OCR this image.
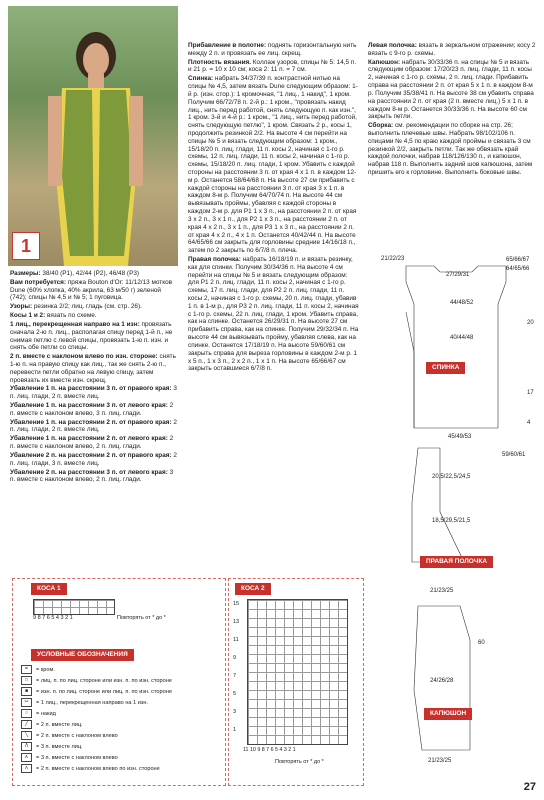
1

Размеры: 38/40 (Р1), 42/44 (Р2), 46/48 (Р3)

Вам потребуется: пряжа Bouton d'Or: 11/12/13 мотков Dune (60% хлопка, 40% акрила, 63 м/50 г) зеленой (742); спицы № 4,5 и № 5; 1 пуговица.

Узоры: резинка 2/2; лиц. гладь (см. стр. 26).

Косы 1 и 2: вязать по схеме.

1 лиц., перекрещенная направо на 1 изн: провязать сначала 2-ю п. лиц., располагая спицу перед 1-й п., не снимая петлю с левой спицы, провязать 1-ю п. изн. и снять обе петли со спицы.

2 п. вместе с наклоном влево по изн. стороне: снять 1-ю п. на правую спицу как лиц., так же снять 2-ю п., перевести петли обратно на левую спицу, затем провязать их вместе изн. скрещ.

Убавление 1 п. на расстоянии 3 п. от правого края: 3 п. лиц. глади, 2 п. вместе лиц.

Убавление 1 п. на расстоянии 3 п. от левого края: 2 п. вместе с наклоном влево, 3 п. лиц. глади.

Убавление 1 п. на расстоянии 2 п. от правого края: 2 п. лиц. глади, 2 п. вместе лиц.

Убавление 1 п. на расстоянии 2 п. от левого края: 2 п. вместе с наклоном влево, 2 п. лиц. глади.

Убавление 2 п. на расстоянии 2 п. от правого края: 2 п. лиц. глади, 3 п. вместе лиц.

Убавление 2 п. на расстоянии 3 п. от левого края: 3 п. вместе с наклоном влево, 2 п. лиц. глади.

Прибавление в полотне: поднять горизонтальную нить между 2 п. и провязать ее лиц. скрещ.

Плотность вязания. Коллаж узоров, спицы № 5: 14,5 п. и 21 р. = 10 х 10 см; коса 2: 11 п. = 7 см.

Спинка: набрать 34/37/39 п. контрастной нитью на спицы № 4,5, затем вязать Dune следующим образом: 1-й р. (изн. стор.): 1 кромочная, "1 лиц., 1 накид", 1 кром. Получим 66/72/78 п. 2-й р.: 1 кром., "провязать накид лиц., нить перед работой, снять следующую п. как изн.", 1 кром. 3-й и 4-й р.: 1 кром., "1 лиц., нить перед работой, снять следующую петлю", 1 кром. Связать 2 р., косы 1, продолжить резинкой 2/2. На высоте 4 см перейти на спицы № 5 и вязать следующим образом: 1 кром., 15/18/20 п. лиц. глади, 11 п. косы 2, начиная с 1-го р. схемы, 12 п. лиц. глади, 11 п. косы 2, начиная с 1-го р. схемы, 15/18/20 п. лиц. глади, 1 кром. Убавить с каждой стороны на расстоянии 3 п. от края 4 х 1 п. в каждом 12-м р. Останется 58/64/68 п. На высоте 27 см прибавить с каждой стороны на расстоянии 3 п. от края 3 х 1 п. в каждом 8-м р. Получим 64/70/74 п. На высоте 44 см вывязывать проймы, убавляя с каждой стороны в каждом 2-м р. для Р1 1 х 3 п., на расстоянии 2 п. от края 3 х 2 п., 3 х 1 п., для Р2 1 х 3 п., на расстоянии 2 п. от края 4 х 2 п., 3 х 1 п., для Р3 1 х 3 п., на расстоянии 2 п. от края 4 х 2 п., 4 х 1 п. Останется 40/42/44 п. На высоте 64/65/66 см закрыть для горловины средние 14/16/18 п., затем по 2 закрыть по 6/7/8 п. плеча.

Правая полочка: набрать 16/18/19 п. и вязать резинку, как для спинки. Получим 30/34/36 п. На высоте 4 см перейти на спицы № 5 и вязать следующим образом: для Р1 2 п. лиц. глади, 11 п. косы 2, начиная с 1-го р. схемы, 17 п. лиц. глади, для Р2 2 п. лиц. глади, 11 п. косы 2, начиная с 1-го р. схемы, 20 п. лиц. глади, убавив 1 п. в 1-м р., для Р3 2 п. лиц. глади, 11 п. косы 2, начиная с 1-го р. схемы, 22 п. лиц. глади, 1 кром. Убавить справа, как на спинке. Останется 26/29/31 п. На высоте 27 см прибавить справа, как на спинке. Получим 29/32/34 п. На высоте 44 см вывязывать пройму, убавляя слева, как на спинке. Останется 17/18/19 п. На высоте 59/60/61 см закрыть справа для выреза горловины в каждом 2-м р. 1 х 5 п., 1 х 3 п., 2 х 2 п., 1 х 1 п. На высоте 65/66/67 см закрыть оставшиеся 6/7/8 п.

Левая полочка: вязать в зеркальном отражении; косу 2 вязать с 9-го р. схемы.

Капюшон: набрать 30/33/36 п. на спицы № 5 и вязать следующим образом: 17/20/23 п. лиц. глади, 11 п. косы 2, начиная с 1-го р. схемы, 2 п. лиц. глади. Прибавить справа на расстоянии 2 п. от края 5 х 1 п. в каждом 8-м р. Получим 35/38/41 п. На высоте 38 см убавить справа на расстоянии 2 п. от края (2 п. вместе лиц.) 5 х 1 п. в каждом 8-м р. Останется 30/33/36 п. На высоте 60 см закрыть петли.

Сборка: см. рекомендации по сборке на стр. 26; выполнить плечевые швы. Набрать 98/102/106 п. спицами № 4,5 по краю каждой проймы и связать 3 см резинкой 2/2, закрыть петли. Так же обвязать край каждой полочки, набрав 118/126/130 п., и капюшон, набрав 118 п. Выполнить задний шов капюшона, затем пришить его к горловине. Выполнить боковые швы.

21/22/23
27/29/31
65/66/67
64/65/66
44/48/52
40/44/48
20
17
4
СПИНКА
45/49/53
59/60/61
20,5/22,5/24,5
18,5/29,5/21,5
ПРАВАЯ ПОЛОЧКА
21/23/25
60
24/26/28
КАПЮШОН
21/23/25
КОСА 1
9 8 7 6 5 4 3 2 1	Повторять от * до *
УСЛОВНЫЕ ОБОЗНАЧЕНИЯ
= = кром.
□ = лиц. п. по лиц. стороне или изн. п. по изн. стороне
■ = изн. п. по лиц. стороне или лиц. п. по изн. стороне
✂ = 1 лиц., перекрещенная направо на 1 изн.
○ = накид
╱ = 2 п. вместе лиц.
╲ = 2 п. вместе с наклоном влево
Λ = 3 п. вместе лиц.
∧ = 3 п. вместе с наклоном влево
ʌ = 2 п. вместе с наклоном влево по изн. стороне
КОСА 2
15
13
11
9
7
5
3
1
11 10 9 8 7 6 5 4 3 2 1
Повторять от * до *
27
